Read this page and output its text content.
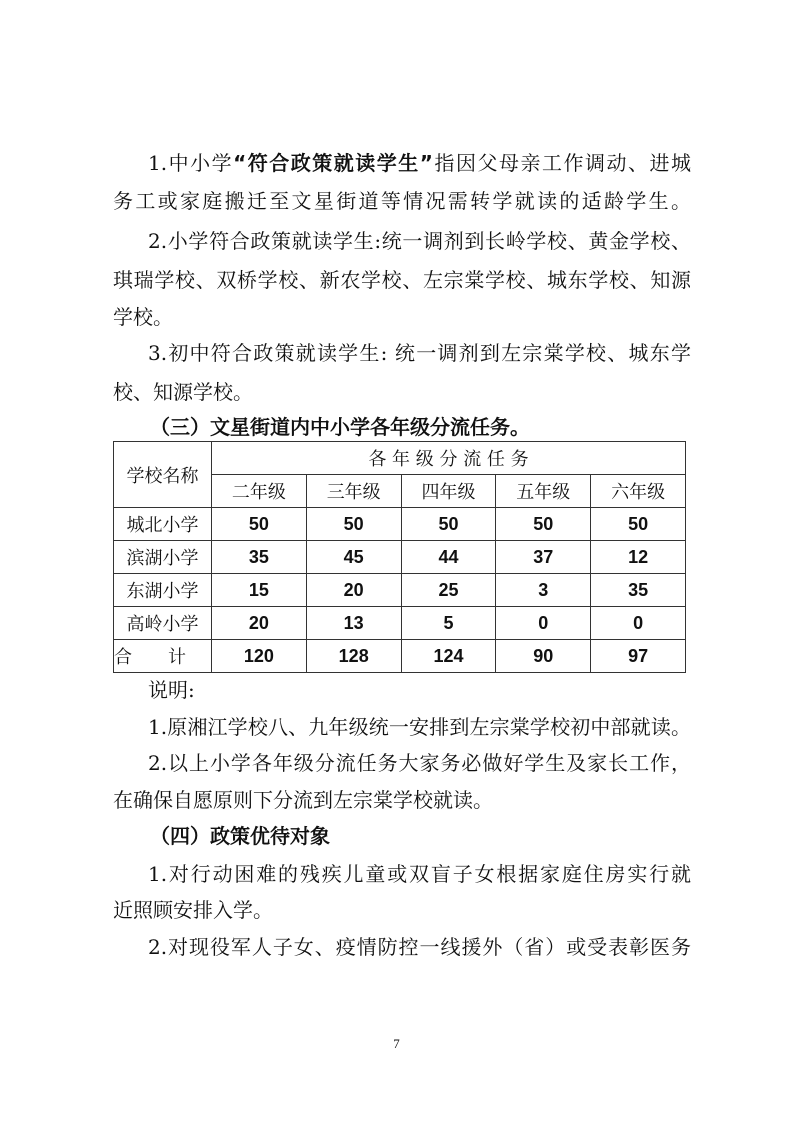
1.中小学“符合政策就读学生”指因父母亲工作调动、进城
务工或家庭搬迁至文星街道等情况需转学就读的适龄学生。
2.小学符合政策就读学生:统一调剂到长岭学校、黄金学校、
琪瑞学校、双桥学校、新农学校、左宗棠学校、城东学校、知源
学校。
3.初中符合政策就读学生: 统一调剂到左宗棠学校、城东学
校、知源学校。
（三）文星街道内中小学各年级分流任务。
学校名称	各 年 级 分 流 任 务				
	二年级	三年级	四年级	五年级	六年级
城北小学	50	50	50	50	50
滨湖小学	35	45	44	37	12
东湖小学	15	20	25	3	35
高岭小学	20	13	5	0	0
合　　计	120	128	124	90	97
说明:
1.原湘江学校八、九年级统一安排到左宗棠学校初中部就读。
2.以上小学各年级分流任务大家务必做好学生及家长工作，
在确保自愿原则下分流到左宗棠学校就读。
（四）政策优待对象
1.对行动困难的残疾儿童或双盲子女根据家庭住房实行就
近照顾安排入学。
2.对现役军人子女、疫情防控一线援外（省）或受表彰医务
7
